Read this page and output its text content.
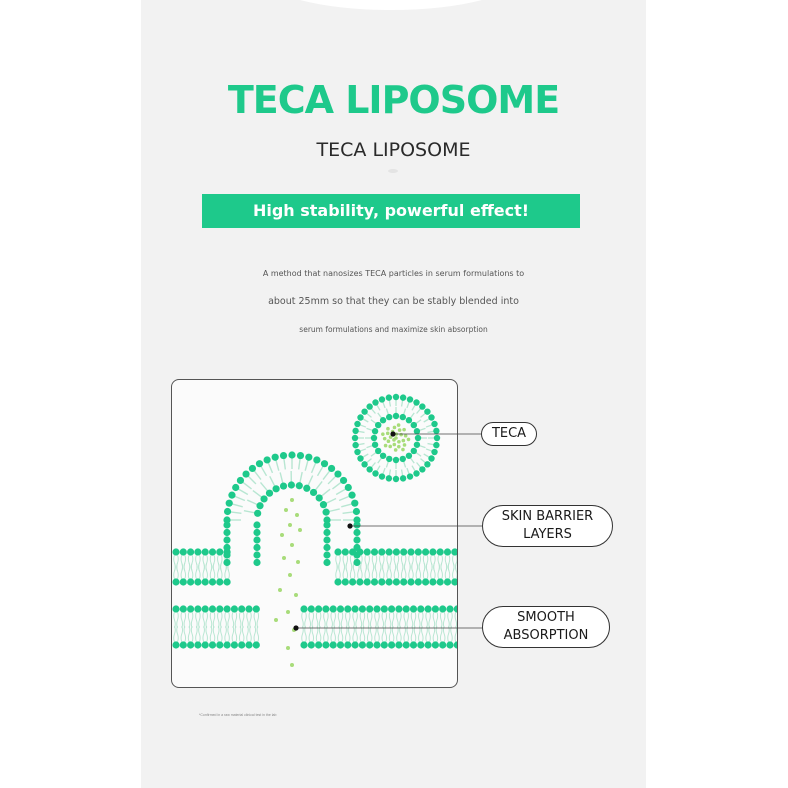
TECA LIPOSOME
TECA LIPOSOME
High stability, powerful effect!
A method that nanosizes TECA particles in serum formulations to
about 25mm so that they can be stably blended into
serum formulations and maximize skin absorption
TECA
SKIN BARRIER
LAYERS
SMOOTH
ABSORPTION
*Confirmed in a raw material clinical test in the lab
